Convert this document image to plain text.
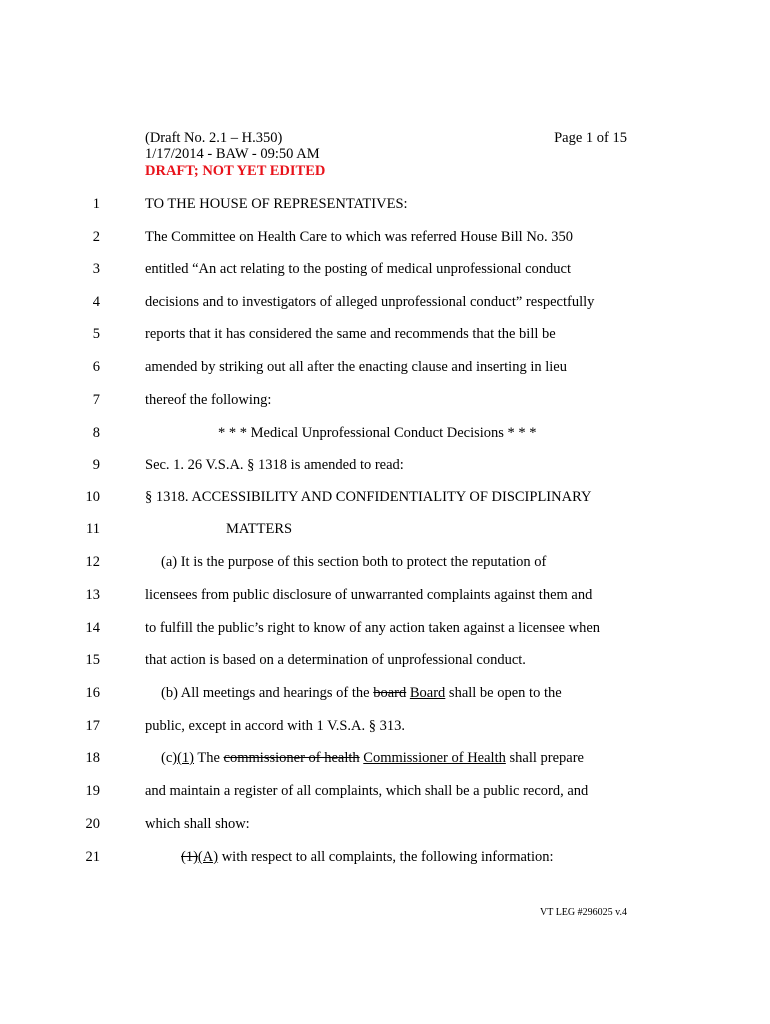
(Draft No. 2.1 – H.350)
1/17/2014 - BAW - 09:50 AM
DRAFT; NOT YET EDITED
Page 1 of 15
1	TO THE HOUSE OF REPRESENTATIVES:
2	The Committee on Health Care to which was referred House Bill No. 350
3	entitled “An act relating to the posting of medical unprofessional conduct
4	decisions and to investigators of alleged unprofessional conduct” respectfully
5	reports that it has considered the same and recommends that the bill be
6	amended by striking out all after the enacting clause and inserting in lieu
7	thereof the following:
8	* * * Medical Unprofessional Conduct Decisions * * *
9	Sec. 1. 26 V.S.A. § 1318 is amended to read:
10	§ 1318. ACCESSIBILITY AND CONFIDENTIALITY OF DISCIPLINARY
11	MATTERS
12	(a) It is the purpose of this section both to protect the reputation of
13	licensees from public disclosure of unwarranted complaints against them and
14	to fulfill the public’s right to know of any action taken against a licensee when
15	that action is based on a determination of unprofessional conduct.
16	(b) All meetings and hearings of the board Board shall be open to the
17	public, except in accord with 1 V.S.A. § 313.
18	(c)(1) The commissioner of health Commissioner of Health shall prepare
19	and maintain a register of all complaints, which shall be a public record, and
20	which shall show:
21	(1)(A) with respect to all complaints, the following information:
VT LEG #296025 v.4
